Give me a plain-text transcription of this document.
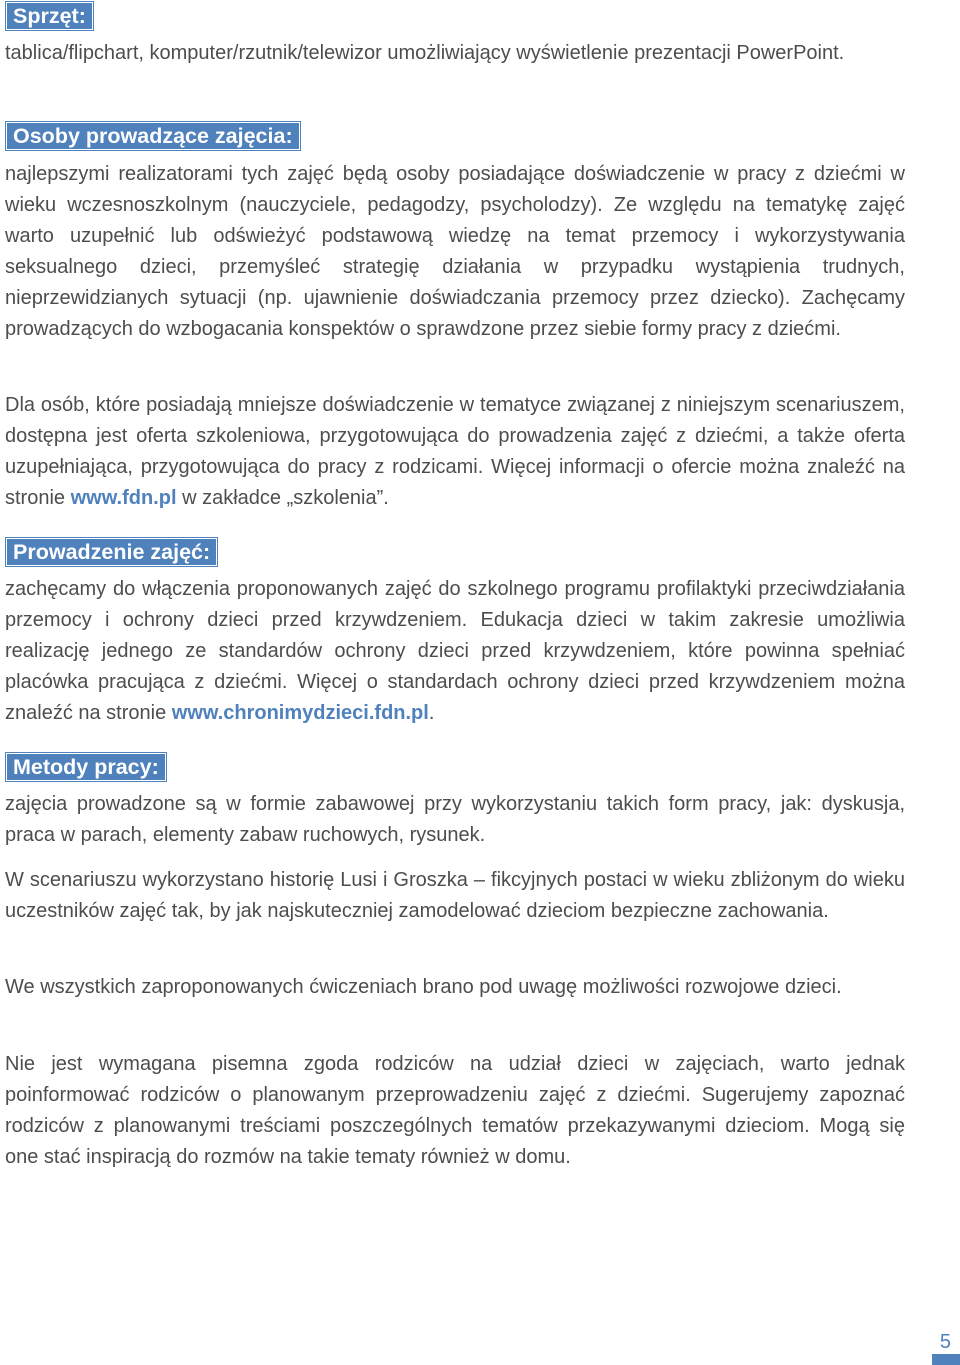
Sprzęt:

tablica/flipchart, komputer/rzutnik/telewizor umożliwiający wyświetlenie prezentacji PowerPoint.

Osoby prowadzące zajęcia:

najlepszymi realizatorami tych zajęć będą osoby posiadające doświadczenie w pracy z dziećmi w wieku wczesnoszkolnym (nauczyciele, pedagodzy, psycholodzy). Ze względu na tematykę zajęć warto uzupełnić lub odświeżyć podstawową wiedzę na temat przemocy i wykorzystywania seksualnego dzieci, przemyśleć strategię działania w przypadku wystąpienia trudnych, nieprzewidzianych sytuacji (np. ujawnienie doświadczania przemocy przez dziecko). Zachęcamy prowadzących do wzbogacania konspektów o sprawdzone przez siebie formy pracy z dziećmi.

Dla osób, które posiadają mniejsze doświadczenie w tematyce związanej z niniejszym scenariuszem, dostępna jest oferta szkoleniowa, przygotowująca do prowadzenia zajęć z dziećmi, a także oferta uzupełniająca, przygotowująca do pracy z rodzicami. Więcej informacji o ofercie można znaleźć na stronie www.fdn.pl w zakładce „szkolenia”.

Prowadzenie zajęć:

zachęcamy do włączenia proponowanych zajęć do szkolnego programu profilaktyki przeciwdziałania przemocy i ochrony dzieci przed krzywdzeniem. Edukacja dzieci w takim zakresie umożliwia realizację jednego ze standardów ochrony dzieci przed krzywdzeniem, które powinna spełniać placówka pracująca z dziećmi. Więcej o standardach ochrony dzieci przed krzywdzeniem można znaleźć na stronie www.chronimydzieci.fdn.pl.

Metody pracy:

zajęcia prowadzone są w formie zabawowej przy wykorzystaniu takich form pracy, jak: dyskusja, praca w parach, elementy zabaw ruchowych, rysunek.

W scenariuszu wykorzystano historię Lusi i Groszka – fikcyjnych postaci w wieku zbliżonym do wieku uczestników zajęć tak, by jak najskuteczniej zamodelować dzieciom bezpieczne zachowania.

We wszystkich zaproponowanych ćwiczeniach brano pod uwagę możliwości rozwojowe dzieci.

Nie jest wymagana pisemna zgoda rodziców na udział dzieci w zajęciach, warto jednak poinformować rodziców o planowanym przeprowadzeniu zajęć z dziećmi. Sugerujemy zapoznać rodziców z planowanymi treściami poszczególnych tematów przekazywanymi dzieciom. Mogą się one stać inspiracją do rozmów na takie tematy również w domu.

5
